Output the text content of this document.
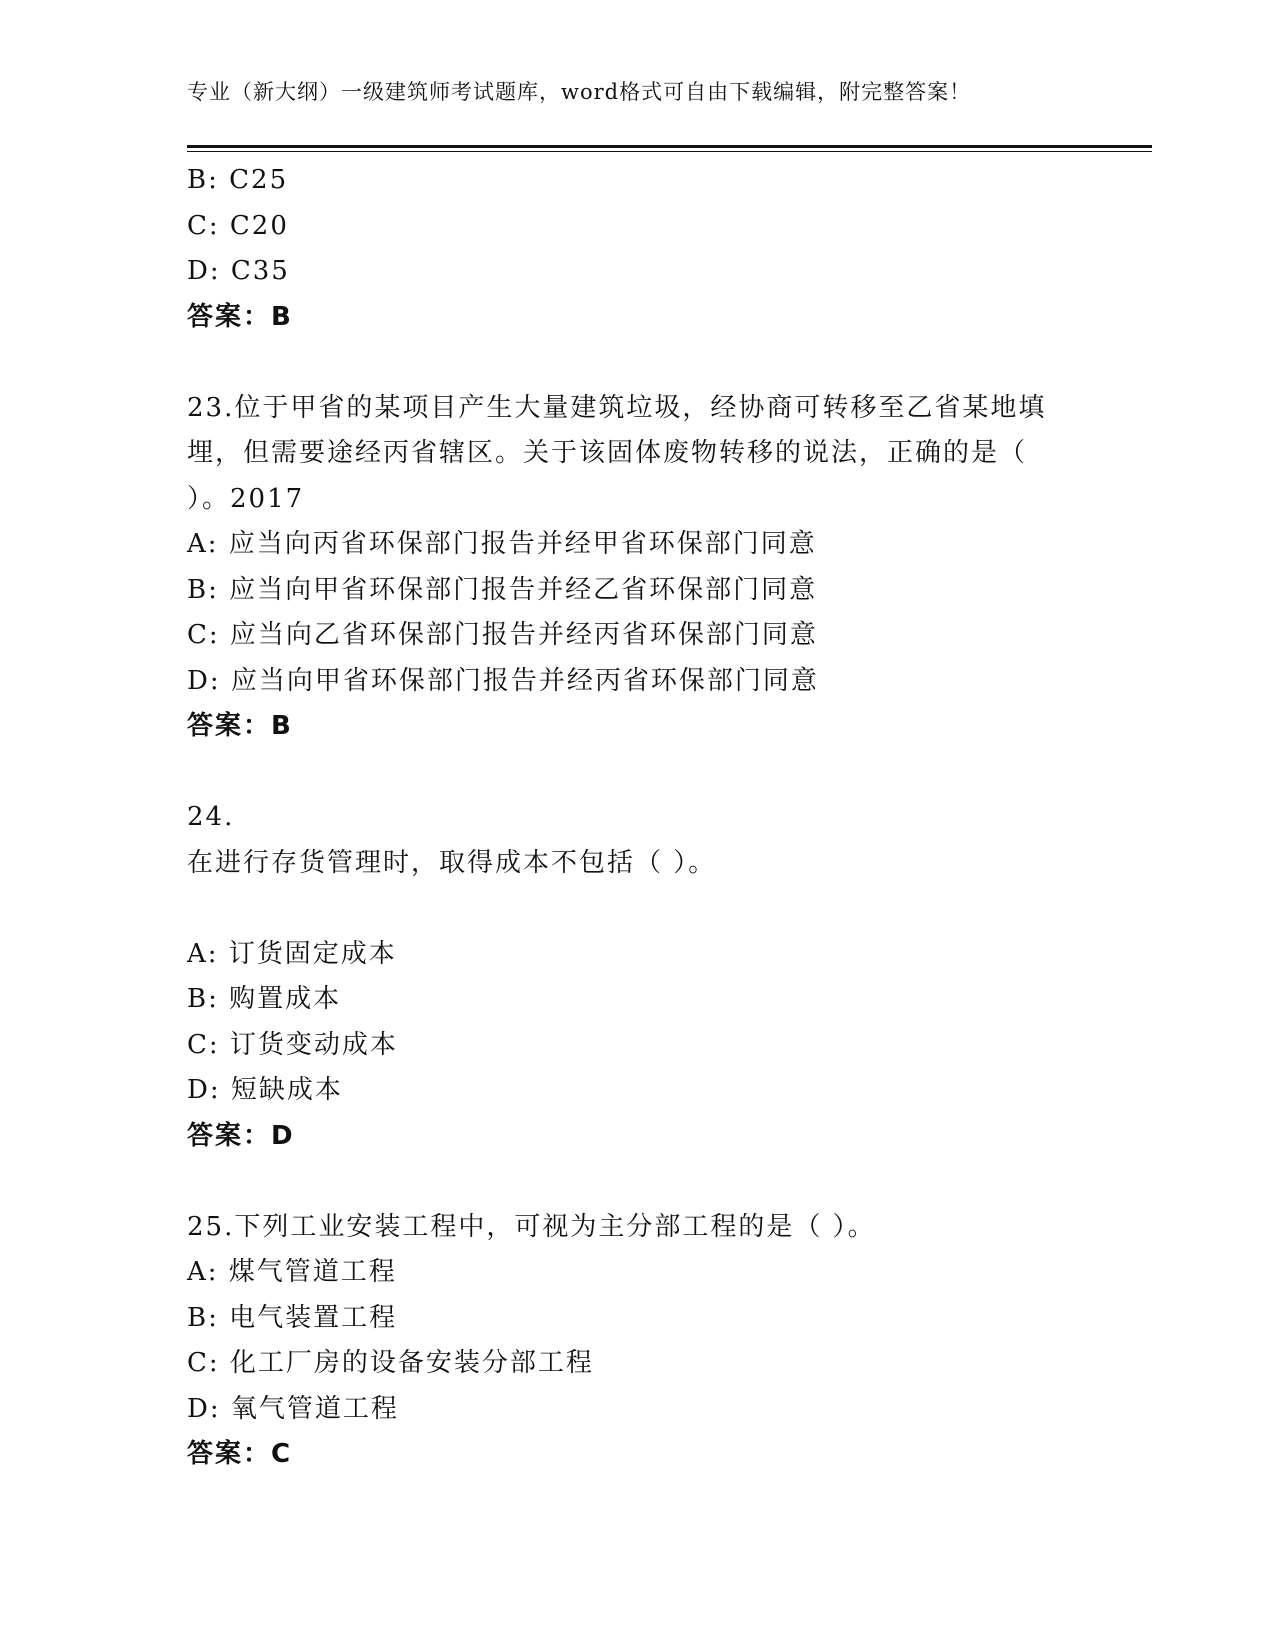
专业（新大纲）一级建筑师考试题库，word格式可自由下载编辑，附完整答案！
B: C25
C: C20
D: C35
答案：B
23.位于甲省的某项目产生大量建筑垃圾，经协商可转移至乙省某地填
埋，但需要途经丙省辖区。关于该固体废物转移的说法，正确的是（
）。2017
A: 应当向丙省环保部门报告并经甲省环保部门同意
B: 应当向甲省环保部门报告并经乙省环保部门同意
C: 应当向乙省环保部门报告并经丙省环保部门同意
D: 应当向甲省环保部门报告并经丙省环保部门同意
答案：B
24.
在进行存货管理时，取得成本不包括（ ）。
A: 订货固定成本
B: 购置成本
C: 订货变动成本
D: 短缺成本
答案：D
25.下列工业安装工程中，可视为主分部工程的是（ ）。
A: 煤气管道工程
B: 电气装置工程
C: 化工厂房的设备安装分部工程
D: 氧气管道工程
答案：C
